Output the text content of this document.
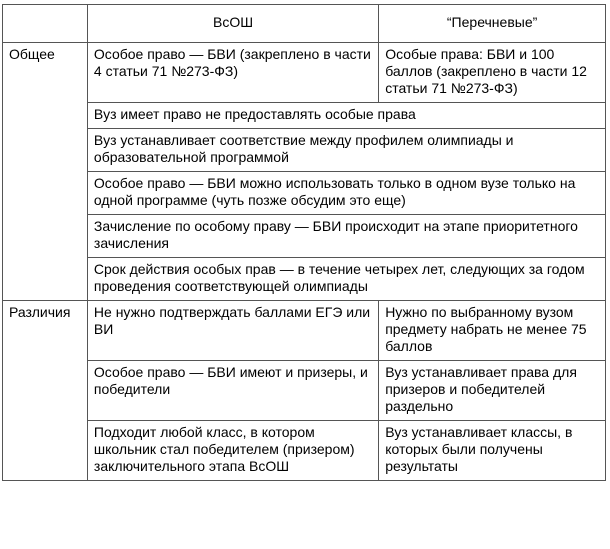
	ВсОШ	“Перечневые”
Общее	Особое право — БВИ (закреплено в части 4 статьи 71 №273-ФЗ)	Особые права: БВИ и 100 баллов (закреплено в части 12 статьи 71 №273-ФЗ)
	Вуз имеет право не предоставлять особые права	
	Вуз устанавливает соответствие между профилем олимпиады и образовательной программой	
	Особое право — БВИ можно использовать только в одном вузе только на одной программе (чуть позже обсудим это еще)	
	Зачисление по особому праву — БВИ происходит на этапе приоритетного зачисления	
	Срок действия особых прав — в течение четырех лет, следующих за годом проведения соответствующей олимпиады	
Различия	Не нужно подтверждать баллами ЕГЭ или ВИ	Нужно по выбранному вузом предмету набрать не менее 75 баллов
	Особое право — БВИ имеют и призеры, и победители	Вуз устанавливает права для призеров и победителей раздельно
	Подходит любой класс, в котором школьник стал победителем (призером) заключительного этапа ВсОШ	Вуз устанавливает классы, в которых были получены результаты
